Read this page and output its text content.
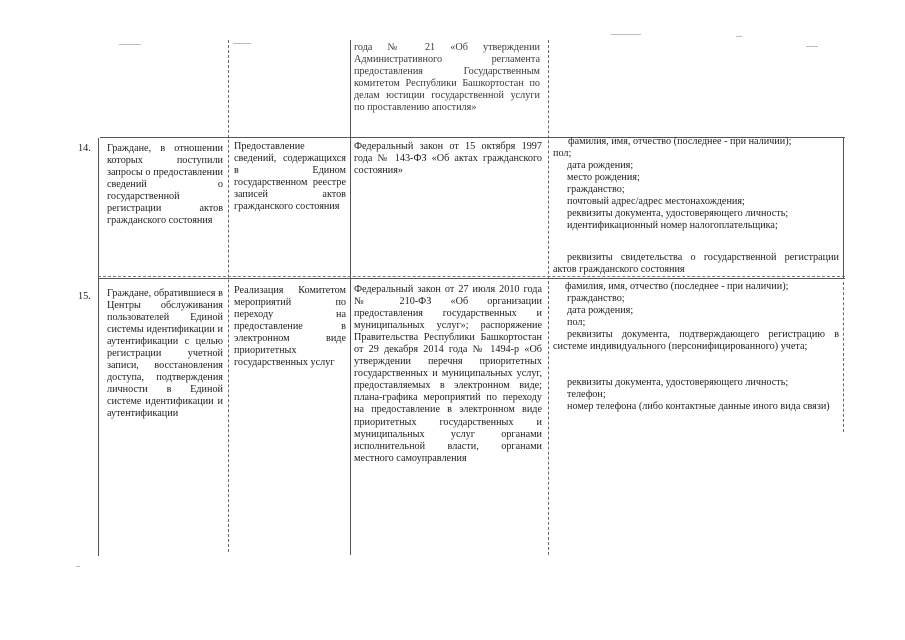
года № 21 «Об утверждении Административного регламента предоставления Государственным комитетом Республики Башкортостан по делам юстиции государственной услуги по проставлению апостиля»
14. Граждане, в отношении которых поступили запросы о предоставлении сведений о государственной регистрации актов гражданского состояния
Предоставление сведений, содержащихся в Едином государственном реестре записей актов гражданского состояния
Федеральный закон от 15 октября 1997 года № 143-ФЗ «Об актах гражданского состояния»
фамилия, имя, отчество (последнее - при наличии);
пол;
дата рождения;
место рождения;
гражданство;
почтовый адрес/адрес местонахождения;
реквизиты документа, удостоверяющего личность;
идентификационный номер налогоплательщика;
реквизиты свидетельства о государственной регистрации актов гражданского состояния
15. Граждане, обратившиеся в Центры обслуживания пользователей Единой системы идентификации и аутентификации с целью регистрации учетной записи, восстановления доступа, подтверждения личности в Единой системе идентификации и аутентификации
Реализация Комитетом мероприятий по переходу на предоставление в электронном виде приоритетных государственных услуг
Федеральный закон от 27 июля 2010 года № 210-ФЗ «Об организации предоставления государственных и муниципальных услуг»; распоряжение Правительства Республики Башкортостан от 29 декабря 2014 года № 1494-р «Об утверждении перечня приоритетных государственных и муниципальных услуг, предоставляемых в электронном виде; плана-графика мероприятий по переходу на предоставление в электронном виде приоритетных государственных и муниципальных услуг органами исполнительной власти, органами местного самоуправления
фамилия, имя, отчество (последнее - при наличии);
гражданство;
дата рождения;
пол;
реквизиты документа, подтверждающего регистрацию в системе индивидуального (персонифицированного) учета;
реквизиты документа, удостоверяющего личность;
телефон;
номер телефона (либо контактные данные иного вида связи)
